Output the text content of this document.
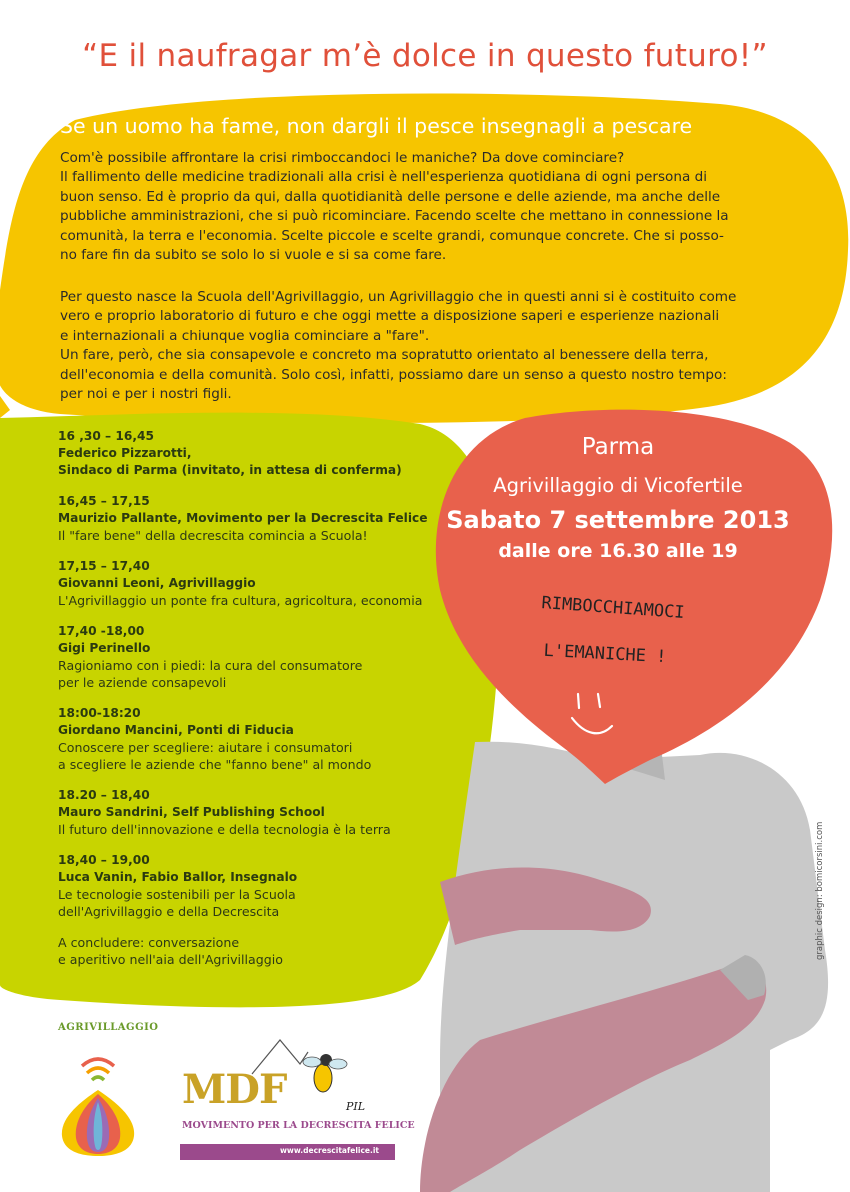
“E il naufragar m’è dolce in questo futuro!”
Se un uomo ha fame, non dargli il pesce insegnagli a pescare

Com'è possibile affrontare la crisi rimboccandoci le maniche? Da dove cominciare?

Il fallimento delle medicine tradizionali alla crisi è nell'esperienza quotidiana di ogni persona di

buon senso. Ed è proprio da qui, dalla quotidianità delle persone e delle aziende, ma anche delle

pubbliche amministrazioni, che si può ricominciare. Facendo scelte che mettano in connessione la

comunità, la terra e l'economia. Scelte piccole e scelte grandi, comunque concrete. Che si posso-

no fare fin da subito se solo lo si vuole e si sa come fare.

Per questo nasce la Scuola dell'Agrivillaggio, un Agrivillaggio che in questi anni si è costituito come

vero e proprio laboratorio di futuro e che oggi mette a disposizione saperi e esperienze nazionali

e internazionali a chiunque voglia cominciare a "fare".

Un fare, però, che sia consapevole e concreto ma sopratutto orientato al benessere della terra,

dell'economia e della comunità. Solo così, infatti, possiamo dare un senso a questo nostro tempo:

per noi e per i nostri figli.

16 ,30 – 16,45
Federico Pizzarotti,
Sindaco di Parma (invitato, in attesa di conferma)
16,45 – 17,15
Maurizio Pallante, Movimento per la Decrescita Felice
Il "fare bene" della decrescita comincia a Scuola!
17,15 – 17,40
Giovanni Leoni, Agrivillaggio
L'Agrivillaggio un ponte fra cultura, agricoltura, economia
17,40 -18,00
Gigi Perinello
Ragioniamo con i piedi: la cura del consumatore
per le aziende consapevoli
18:00-18:20
Giordano Mancini, Ponti di Fiducia
Conoscere per scegliere: aiutare i consumatori
a scegliere le aziende che "fanno bene" al mondo
18.20 – 18,40
Mauro Sandrini, Self Publishing School
Il futuro dell'innovazione e della tecnologia è la terra
18,40 – 19,00
Luca Vanin, Fabio Ballor, Insegnalo
Le tecnologie sostenibili per la Scuola
dell'Agrivillaggio e della Decrescita
A concludere: conversazione
e aperitivo nell'aia dell'Agrivillaggio
Parma
Agrivillaggio di Vicofertile
Sabato 7 settembre 2013
dalle ore 16.30 alle 19
RIMBOCCHIAMOCI
L'EMANICHE !
graphic design: bomicorsini.com
AGRIVILLAGGIO
MDF	PIL
MOVIMENTO PER LA DECRESCITA FELICE
www.decrescitafelice.it
